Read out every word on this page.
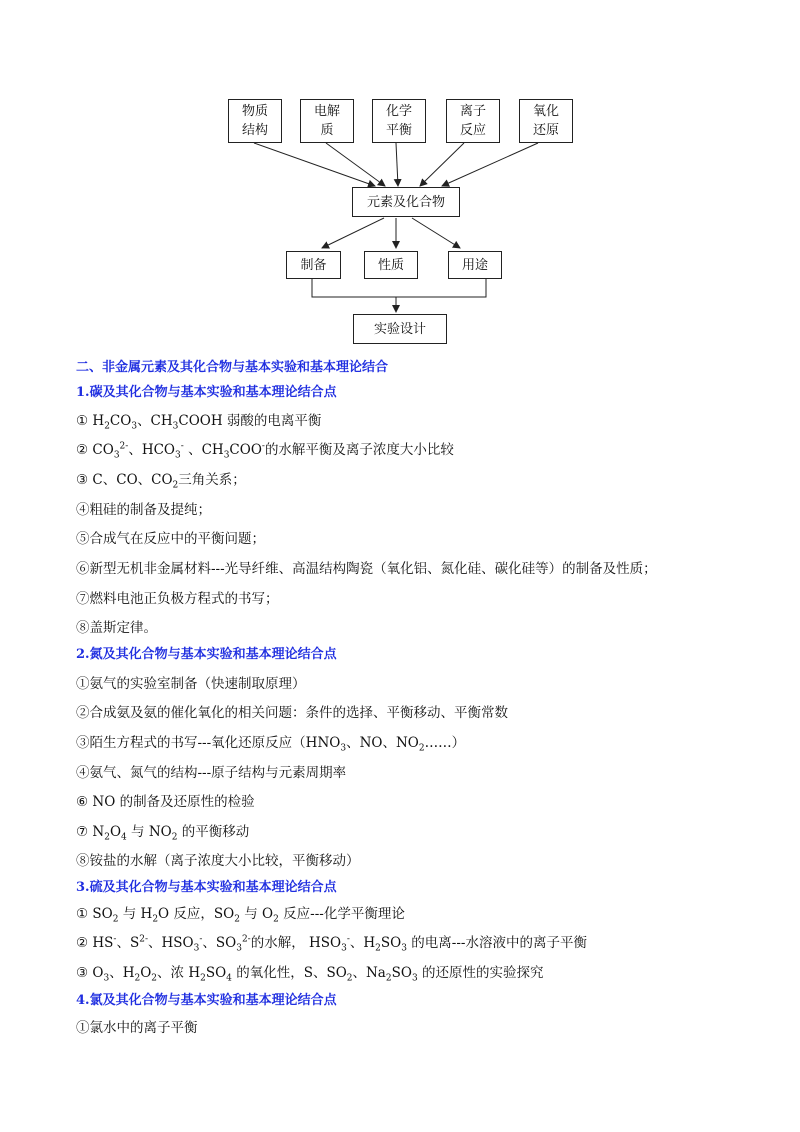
物质
结构
电解
质
化学
平衡
离子
反应
氧化
还原
元素及化合物
制备	性质	用途
实验设计
二、非金属元素及其化合物与基本实验和基本理论结合
1.碳及其化合物与基本实验和基本理论结合点
① $H_2CO_3$、$CH_3COOH$ 弱酸的电离平衡
② $CO_3^{2-}$、$HCO_3^-$ 、$CH_3COO^-$的水解平衡及离子浓度大小比较
③ C、CO、$CO_2$三角关系；
④粗硅的制备及提纯；
⑤合成气在反应中的平衡问题；
⑥新型无机非金属材料---光导纤维、高温结构陶瓷（氧化铝、氮化硅、碳化硅等）的制备及性质；
⑦燃料电池正负极方程式的书写；
⑧盖斯定律。
2.氮及其化合物与基本实验和基本理论结合点
①氨气的实验室制备（快速制取原理）
②合成氨及氨的催化氧化的相关问题：条件的选择、平衡移动、平衡常数
③陌生方程式的书写---氧化还原反应（$HNO_3$、NO、$NO_2\dots\dots$）
④氨气、氮气的结构---原子结构与元素周期率
⑥ NO 的制备及还原性的检验
⑦ $N_2O_4$ 与 $NO_2$ 的平衡移动
⑧铵盐的水解（离子浓度大小比较，平衡移动）
3.硫及其化合物与基本实验和基本理论结合点
① $SO_2$ 与 $H_2O$ 反应，$SO_2$ 与 $O_2$ 反应---化学平衡理论
② HS-、$S^{2-}$、$HSO_3^-$、$SO_3^{2-}$的水解， $HSO_3^-$、$H_2SO_3$ 的电离---水溶液中的离子平衡
③ $O_3$、$H_2O_2$、浓 $H_2SO_4$ 的氧化性，S、$SO_2$、$Na_2SO_3$ 的还原性的实验探究
4.氯及其化合物与基本实验和基本理论结合点
①氯水中的离子平衡
